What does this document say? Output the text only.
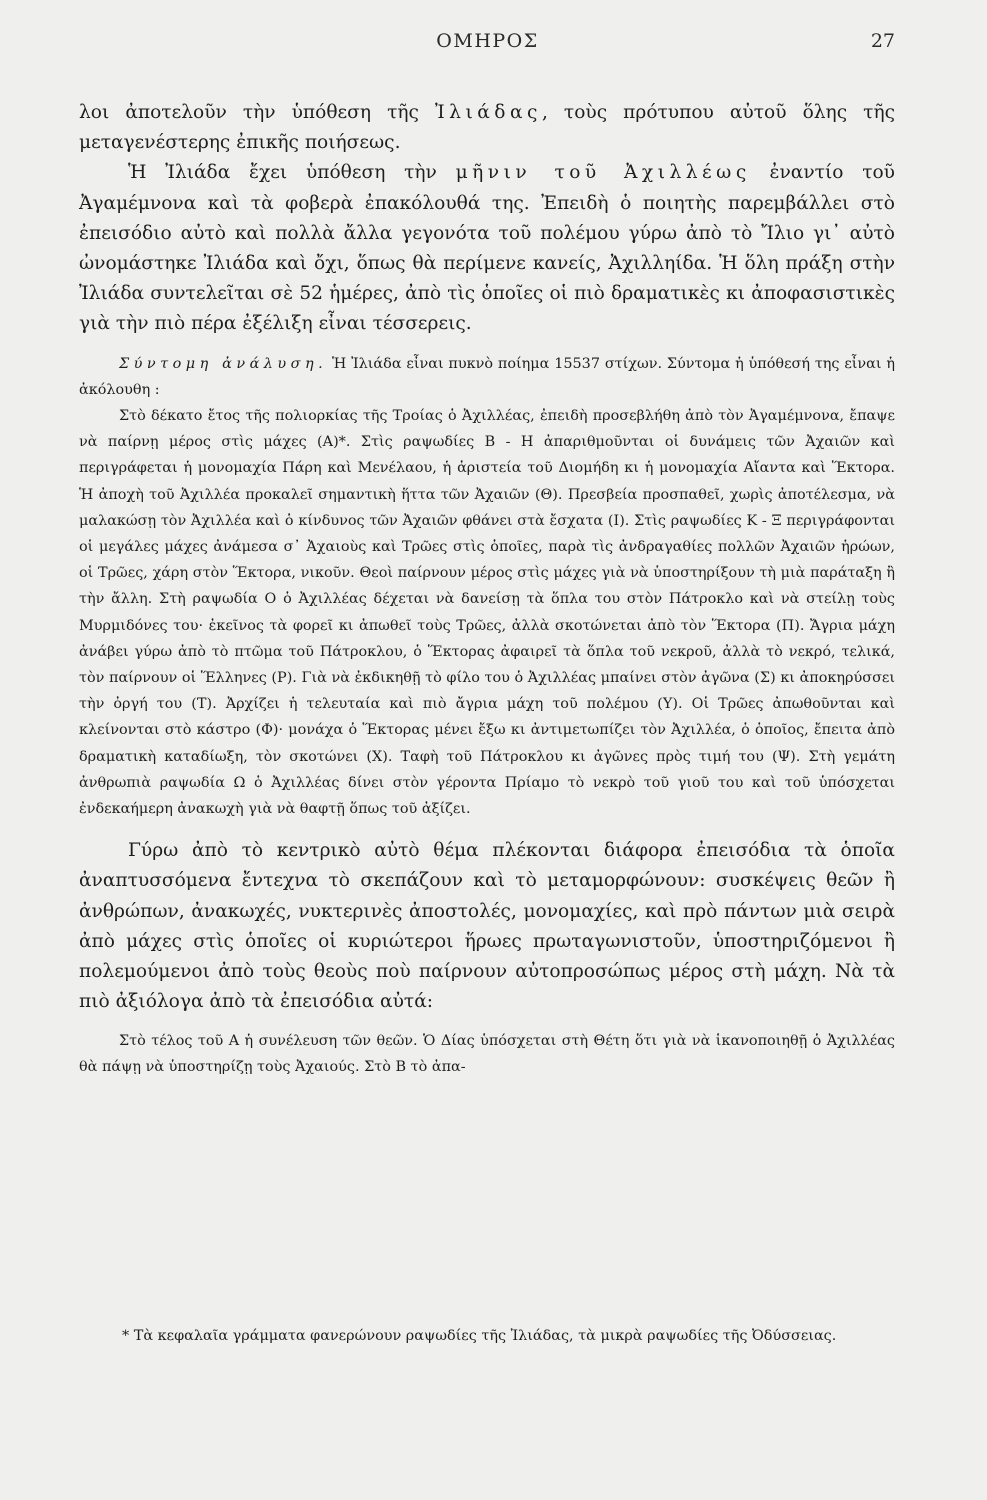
ΟΜΗΡΟΣ	27

λοι ἀποτελοῦν τὴν ὑπόθεση τῆς Ἰλιάδας, τοὺς πρότυπου αὐτοῦ ὅλης τῆς μεταγενέστερης ἐπικῆς ποιήσεως.

Ἡ Ἰλιάδα ἔχει ὑπόθεση τὴν μῆνιν τοῦ Ἀχιλλέως ἐναντίο τοῦ Ἀγαμέμνονα καὶ τὰ φοβερὰ ἐπακόλουθά της. Ἐπειδὴ ὁ ποιητὴς παρεμβάλλει στὸ ἐπεισόδιο αὐτὸ καὶ πολλὰ ἄλλα γεγονότα τοῦ πολέμου γύρω ἀπὸ τὸ Ἴλιο γι᾽ αὐτὸ ὠνομάστηκε Ἰλιάδα καὶ ὄχι, ὅπως θὰ περίμενε κανείς, Ἀχιλληίδα. Ἡ ὅλη πράξη στὴν Ἰλιάδα συντελεῖται σὲ 52 ἡμέρες, ἀπὸ τὶς ὁποῖες οἱ πιὸ δραματικὲς κι ἀποφασιστικὲς γιὰ τὴν πιὸ πέρα ἐξέλιξη εἶναι τέσσερεις.

Σύντομη ἀνάλυση. Ἡ Ἰλιάδα εἶναι πυκνὸ ποίημα 15537 στίχων. Σύντομα ἡ ὑπόθεσή της εἶναι ἡ ἀκόλουθη :

Στὸ δέκατο ἔτος τῆς πολιορκίας τῆς Τροίας ὁ Ἀχιλλέας, ἐπειδὴ προσεβλήθη ἀπὸ τὸν Ἀγαμέμνονα, ἔπαψε νὰ παίρνῃ μέρος στὶς μάχες (Α)*. Στὶς ραψωδίες Β - Η ἀπαριθμοῦνται οἱ δυνάμεις τῶν Ἀχαιῶν καὶ περιγράφεται ἡ μονομαχία Πάρη καὶ Μενέλαου, ἡ ἀριστεία τοῦ Διομήδη κι ἡ μονομαχία Αἴαντα καὶ Ἕκτορα. Ἡ ἀποχὴ τοῦ Ἀχιλλέα προκαλεῖ σημαντικὴ ἥττα τῶν Ἀχαιῶν (Θ). Πρεσβεία προσπαθεῖ, χωρὶς ἀποτέλεσμα, νὰ μαλακώσῃ τὸν Ἀχιλλέα καὶ ὁ κίνδυνος τῶν Ἀχαιῶν φθάνει στὰ ἔσχατα (Ι). Στὶς ραψωδίες Κ - Ξ περιγράφονται οἱ μεγάλες μάχες ἀνάμεσα σ᾽ Ἀχαιοὺς καὶ Τρῶες στὶς ὁποῖες, παρὰ τὶς ἀνδραγαθίες πολλῶν Ἀχαιῶν ἡρώων, οἱ Τρῶες, χάρη στὸν Ἕκτορα, νικοῦν. Θεοὶ παίρνουν μέρος στὶς μάχες γιὰ νὰ ὑποστηρίξουν τὴ μιὰ παράταξη ἢ τὴν ἄλλη. Στὴ ραψωδία Ο ὁ Ἀχιλλέας δέχεται νὰ δανείσῃ τὰ ὅπλα του στὸν Πάτροκλο καὶ νὰ στείλῃ τοὺς Μυρμιδόνες του· ἐκεῖνος τὰ φορεῖ κι ἀπωθεῖ τοὺς Τρῶες, ἀλλὰ σκοτώνεται ἀπὸ τὸν Ἕκτορα (Π). Ἄγρια μάχη ἀνάβει γύρω ἀπὸ τὸ πτῶμα τοῦ Πάτροκλου, ὁ Ἕκτορας ἀφαιρεῖ τὰ ὅπλα τοῦ νεκροῦ, ἀλλὰ τὸ νεκρό, τελικά, τὸν παίρνουν οἱ Ἕλληνες (Ρ). Γιὰ νὰ ἐκδικηθῇ τὸ φίλο του ὁ Ἀχιλλέας μπαίνει στὸν ἀγῶνα (Σ) κι ἀποκηρύσσει τὴν ὀργή του (Τ). Ἀρχίζει ἡ τελευταία καὶ πιὸ ἄγρια μάχη τοῦ πολέμου (Υ). Οἱ Τρῶες ἀπωθοῦνται καὶ κλείνονται στὸ κάστρο (Φ)· μονάχα ὁ Ἕκτορας μένει ἔξω κι ἀντιμετωπίζει τὸν Ἀχιλλέα, ὁ ὁποῖος, ἔπειτα ἀπὸ δραματικὴ καταδίωξη, τὸν σκοτώνει (Χ). Ταφὴ τοῦ Πάτροκλου κι ἀγῶνες πρὸς τιμή του (Ψ). Στὴ γεμάτη ἀνθρωπιὰ ραψωδία Ω ὁ Ἀχιλλέας δίνει στὸν γέροντα Πρίαμο τὸ νεκρὸ τοῦ γιοῦ του καὶ τοῦ ὑπόσχεται ἐνδεκαήμερη ἀνακωχὴ γιὰ νὰ θαφτῇ ὅπως τοῦ ἀξίζει.

Γύρω ἀπὸ τὸ κεντρικὸ αὐτὸ θέμα πλέκονται διάφορα ἐπεισόδια τὰ ὁποῖα ἀναπτυσσόμενα ἔντεχνα τὸ σκεπάζουν καὶ τὸ μεταμορφώνουν: συσκέψεις θεῶν ἢ ἀνθρώπων, ἀνακωχές, νυκτερινὲς ἀποστολές, μονομαχίες, καὶ πρὸ πάντων μιὰ σειρὰ ἀπὸ μάχες στὶς ὁποῖες οἱ κυριώτεροι ἥρωες πρωταγωνιστοῦν, ὑποστηριζόμενοι ἢ πολεμούμενοι ἀπὸ τοὺς θεοὺς ποὺ παίρνουν αὐτοπροσώπως μέρος στὴ μάχη. Νὰ τὰ πιὸ ἀξιόλογα ἀπὸ τὰ ἐπεισόδια αὐτά:

Στὸ τέλος τοῦ Α ἡ συνέλευση τῶν θεῶν. Ὁ Δίας ὑπόσχεται στὴ Θέτη ὅτι γιὰ νὰ ἱκανοποιηθῇ ὁ Ἀχιλλέας θὰ πάψῃ νὰ ὑποστηρίζῃ τοὺς Ἀχαιούς. Στὸ Β τὸ ἀπα-

* Τὰ κεφαλαῖα γράμματα φανερώνουν ραψωδίες τῆς Ἰλιάδας, τὰ μικρὰ ραψωδίες τῆς Ὀδύσσειας.
